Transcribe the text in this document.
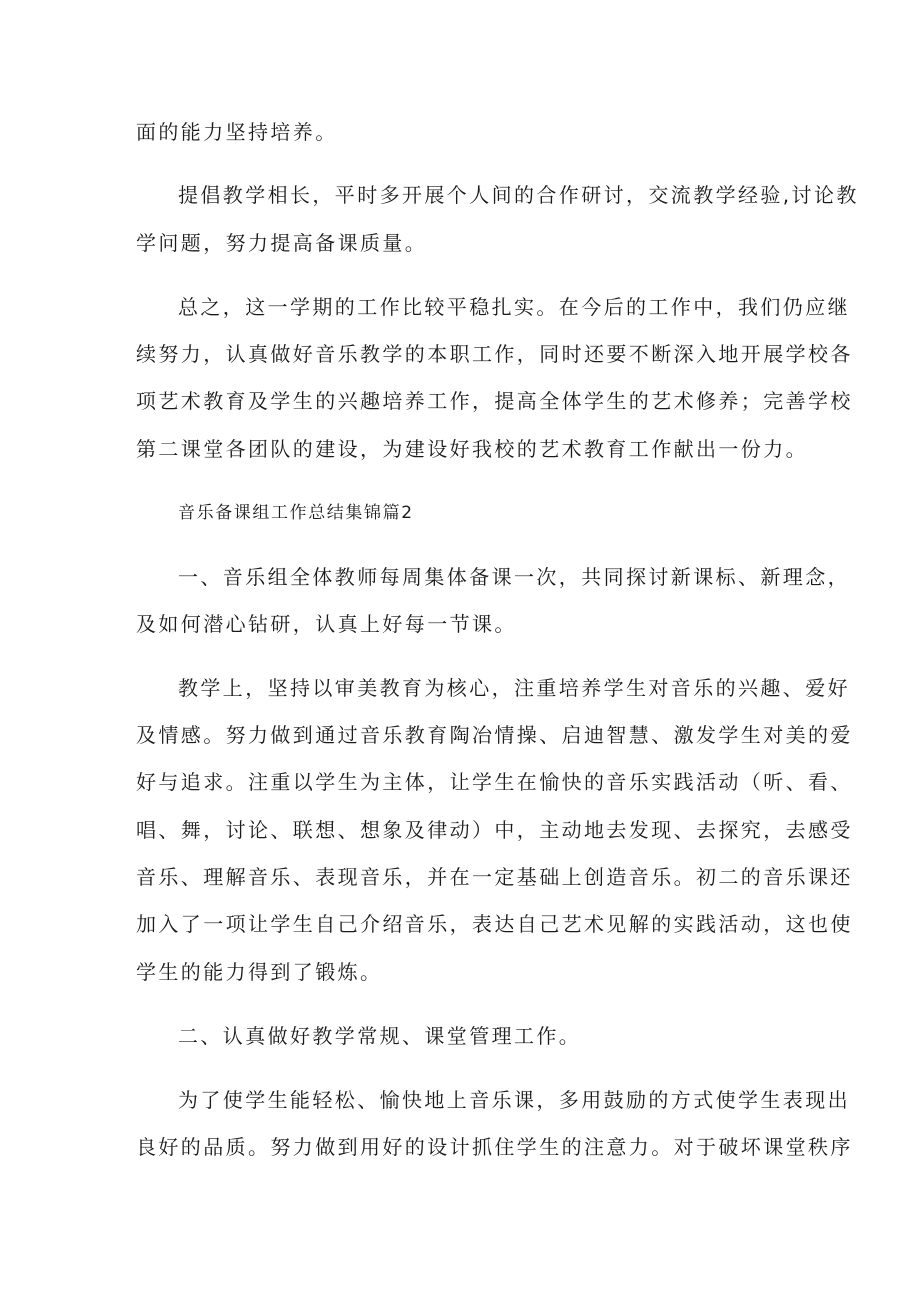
面的能力坚持培养。

提倡教学相长，平时多开展个人间的合作研讨，交流教学经验,讨论教

学问题，努力提高备课质量。

总之，这一学期的工作比较平稳扎实。在今后的工作中，我们仍应继

续努力，认真做好音乐教学的本职工作，同时还要不断深入地开展学校各

项艺术教育及学生的兴趣培养工作，提高全体学生的艺术修养；完善学校

第二课堂各团队的建设，为建设好我校的艺术教育工作献出一份力。

音乐备课组工作总结集锦篇2

一、音乐组全体教师每周集体备课一次，共同探讨新课标、新理念，

及如何潜心钻研，认真上好每一节课。

教学上，坚持以审美教育为核心，注重培养学生对音乐的兴趣、爱好

及情感。努力做到通过音乐教育陶冶情操、启迪智慧、激发学生对美的爱

好与追求。注重以学生为主体，让学生在愉快的音乐实践活动（听、看、

唱、舞，讨论、联想、想象及律动）中，主动地去发现、去探究，去感受

音乐、理解音乐、表现音乐，并在一定基础上创造音乐。初二的音乐课还

加入了一项让学生自己介绍音乐，表达自己艺术见解的实践活动，这也使

学生的能力得到了锻炼。

二、认真做好教学常规、课堂管理工作。

为了使学生能轻松、愉快地上音乐课，多用鼓励的方式使学生表现出

良好的品质。努力做到用好的设计抓住学生的注意力。对于破坏课堂秩序
